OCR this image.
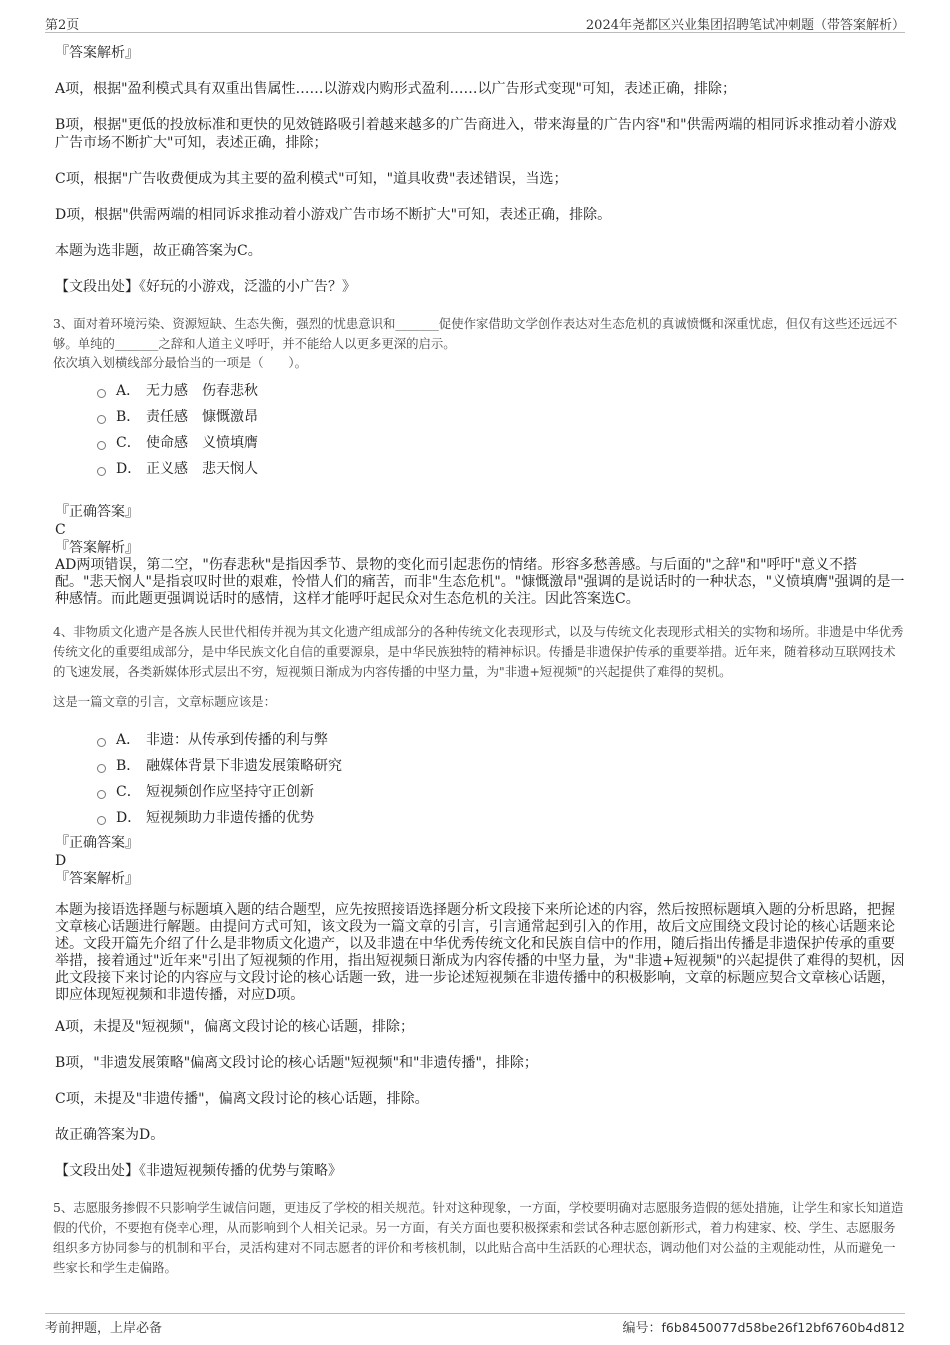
第2页	2024年尧都区兴业集团招聘笔试冲刺题（带答案解析）

『答案解析』

A项，根据"盈利模式具有双重出售属性……以游戏内购形式盈利……以广告形式变现"可知，表述正确，排除；

B项，根据"更低的投放标准和更快的见效链路吸引着越来越多的广告商进入，带来海量的广告内容"和"供需两端的相同诉求推动着小游戏广告市场不断扩大"可知，表述正确，排除；

C项，根据"广告收费便成为其主要的盈利模式"可知，"道具收费"表述错误，当选；

D项，根据"供需两端的相同诉求推动着小游戏广告市场不断扩大"可知，表述正确，排除。

本题为选非题，故正确答案为C。

【文段出处】《好玩的小游戏，泛滥的小广告？》

3、面对着环境污染、资源短缺、生态失衡，强烈的忧患意识和_______促使作家借助文学创作表达对生态危机的真诚愤慨和深重忧虑，但仅有这些还远远不够。单纯的_______之辞和人道主义呼吁，并不能给人以更多更深的启示。

依次填入划横线部分最恰当的一项是（　　）。

A． 无力感　伤春悲秋
B． 责任感　慷慨激昂
C． 使命感　义愤填膺
D． 正义感　悲天悯人

『正确答案』

C

『答案解析』

AD两项错误，第二空，"伤春悲秋"是指因季节、景物的变化而引起悲伤的情绪。形容多愁善感。与后面的"之辞"和"呼吁"意义不搭配。"悲天悯人"是指哀叹时世的艰难，怜惜人们的痛苦，而非"生态危机"。"慷慨激昂"强调的是说话时的一种状态，"义愤填膺"强调的是一种感情。而此题更强调说话时的感情，这样才能呼吁起民众对生态危机的关注。因此答案选C。

4、非物质文化遗产是各族人民世代相传并视为其文化遗产组成部分的各种传统文化表现形式，以及与传统文化表现形式相关的实物和场所。非遗是中华优秀传统文化的重要组成部分，是中华民族文化自信的重要源泉，是中华民族独特的精神标识。传播是非遗保护传承的重要举措。近年来，随着移动互联网技术的飞速发展，各类新媒体形式层出不穷，短视频日渐成为内容传播的中坚力量，为"非遗+短视频"的兴起提供了难得的契机。

这是一篇文章的引言，文章标题应该是：

A． 非遗：从传承到传播的利与弊
B． 融媒体背景下非遗发展策略研究
C． 短视频创作应坚持守正创新
D． 短视频助力非遗传播的优势

『正确答案』

D

『答案解析』

本题为接语选择题与标题填入题的结合题型，应先按照接语选择题分析文段接下来所论述的内容，然后按照标题填入题的分析思路，把握文章核心话题进行解题。由提问方式可知，该文段为一篇文章的引言，引言通常起到引入的作用，故后文应围绕文段讨论的核心话题来论述。文段开篇先介绍了什么是非物质文化遗产，以及非遗在中华优秀传统文化和民族自信中的作用，随后指出传播是非遗保护传承的重要举措，接着通过"近年来"引出了短视频的作用，指出短视频日渐成为内容传播的中坚力量，为"非遗+短视频"的兴起提供了难得的契机，因此文段接下来讨论的内容应与文段讨论的核心话题一致，进一步论述短视频在非遗传播中的积极影响，文章的标题应契合文章核心话题，即应体现短视频和非遗传播，对应D项。

A项，未提及"短视频"，偏离文段讨论的核心话题，排除；

B项，"非遗发展策略"偏离文段讨论的核心话题"短视频"和"非遗传播"，排除；

C项，未提及"非遗传播"，偏离文段讨论的核心话题，排除。

故正确答案为D。

【文段出处】《非遗短视频传播的优势与策略》

5、志愿服务掺假不只影响学生诚信问题，更违反了学校的相关规范。针对这种现象，一方面，学校要明确对志愿服务造假的惩处措施，让学生和家长知道造假的代价，不要抱有侥幸心理，从而影响到个人相关记录。另一方面，有关方面也要积极探索和尝试各种志愿创新形式，着力构建家、校、学生、志愿服务组织多方协同参与的机制和平台，灵活构建对不同志愿者的评价和考核机制，以此贴合高中生活跃的心理状态，调动他们对公益的主观能动性，从而避免一些家长和学生走偏路。

考前押题，上岸必备	编号：f6b8450077d58be26f12bf6760b4d812
